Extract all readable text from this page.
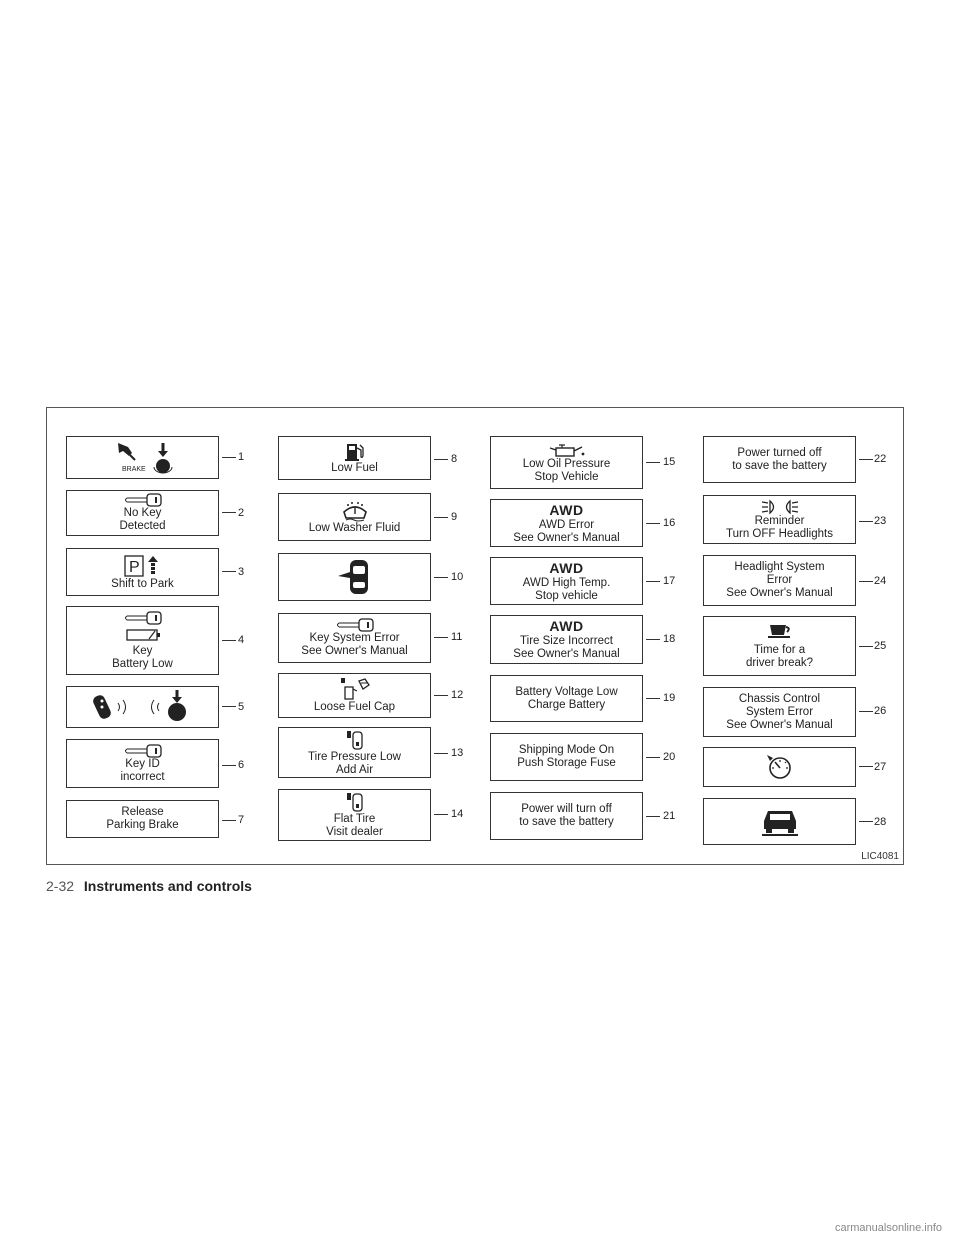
BRAKE
1
No Key
Detected
2
P
Shift to Park
3
Key
Battery Low
4
5
Key ID
incorrect
6
Release
Parking Brake	7
Low Fuel
8
Low Washer Fluid
9
10
Key System Error
See Owner's Manual
11
Loose Fuel Cap
12
Tire Pressure Low
Add Air
13
Flat Tire
Visit dealer
14
Low Oil Pressure
Stop Vehicle
15
AWD
AWD Error
See Owner's Manual
16
AWD
AWD High Temp.
Stop vehicle
17
AWD
Tire Size Incorrect
See Owner's Manual
18
Battery Voltage Low
Charge Battery
19
Shipping Mode On
Push Storage Fuse	20
Power will turn off
to save the battery	21
Power turned off
to save the battery
22
Reminder
Turn OFF Headlights
23
Headlight System
Error
See Owner's Manual
24
Time for a
driver break?
25
Chassis Control
System Error
See Owner's Manual
26
27
28
LIC4081
2-32 Instruments and controls
carmanualsonline.info
